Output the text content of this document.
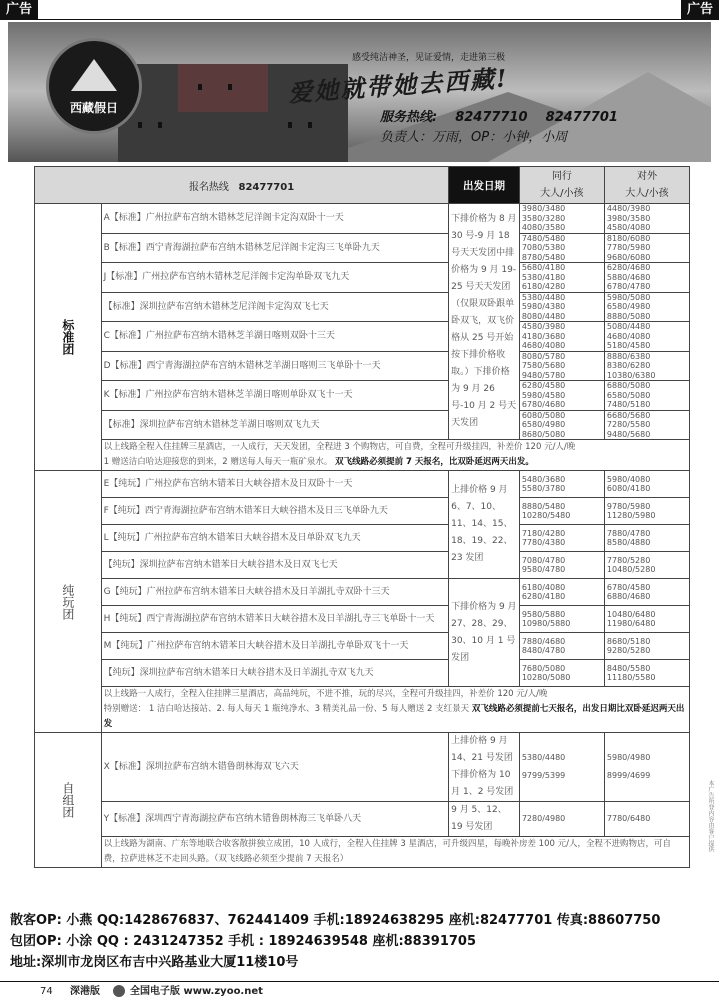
广告	广告
西藏假日
感受纯洁神圣，见证爱情，走进第三极
爱她就带她去西藏!
服务热线: 82477710 82477701
负责人：万雨，OP：小钟，小周
报名热线 82477701		出发日期	同行
大人/小孩	对外
大人/小孩

标准团	A【标准】广州拉萨布宫纳木错林芝尼洋阁卡定沟双卧十一天	下排价格为 8 月 30 号-9 月 18 号天天发团中排价格为 9 月 19-25 号天天发团（仅限双卧跟单卧双飞，双飞价格从 25 号开始按下排价格收取。）下排价格为 9 月 26 号-10 月 2 号天天发团	3980/3480
3580/3280
4080/3580	4480/3980
3980/3580
4580/4080
	B【标准】西宁青海湖拉萨布宫纳木错林芝尼洋阁卡定沟三飞单卧九天		7480/5480
7080/5380
8780/5480	8180/6080
7780/5980
9680/6080
	J【标准】广州拉萨布宫纳木错林芝尼洋阁卡定沟单卧双飞九天		5680/4180
5380/4180
6180/4280	6280/4680
5880/4680
6780/4780
	【标准】深圳拉萨布宫纳木错林芝尼洋阁卡定沟双飞七天		5380/4480
5980/4380
8080/4480	5980/5080
6580/4980
8880/5080
	C【标准】广州拉萨布宫纳木错林芝羊湖日喀则双卧十三天		4580/3980
4180/3680
4680/4080	5080/4480
4680/4080
5180/4580
	D【标准】西宁青海湖拉萨布宫纳木错林芝羊湖日喀则三飞单卧十一天		8080/5780
7580/5680
9480/5780	8880/6380
8380/6280
10380/6380
	K【标准】广州拉萨布宫纳木错林芝羊湖日喀则单卧双飞十一天		6280/4580
5980/4580
6780/4680	6880/5080
6580/5080
7480/5180
	【标准】深圳拉萨布宫纳木错林芝羊湖日喀则双飞九天		6080/5080
6580/4980
8680/5080	6680/5680
7280/5580
9480/5680

	以上线路全程入住挂牌三星酒店，一人成行，天天发团，全程进 3 个购物店，可自费，全程可升级挂四，补差价 120 元/人/晚
1 赠送洁白哈达迎接您的到来，2 赠送每人每天一瓶矿泉水。 双飞线路必须提前 7 天报名，比双卧延迟两天出发。			
纯玩团	E【纯玩】广州拉萨布宫纳木错苯日大峡谷措木及日双卧十一天	上排价格 9 月 6、7、10、11、14、15、18、19、22、23 发团	5480/3680
5580/3780	5980/4080
6080/4180
	F【纯玩】西宁青海湖拉萨布宫纳木错苯日大峡谷措木及日三飞单卧九天		8880/5480
10280/5480	9780/5980
11280/5980
	L【纯玩】广州拉萨布宫纳木错苯日大峡谷措木及日单卧双飞九天		7180/4280
7780/4380	7880/4780
8580/4880
	【纯玩】深圳拉萨布宫纳木错苯日大峡谷措木及日双飞七天		7080/4780
9580/4780	7780/5280
10480/5280
	G【纯玩】广州拉萨布宫纳木错苯日大峡谷措木及日羊湖扎寺双卧十三天	下排价格为 9 月 27、28、29、30、10 月 1 号发团	6180/4080
6280/4180	6780/4580
6880/4680
	H【纯玩】西宁青海湖拉萨布宫纳木错苯日大峡谷措木及日羊湖扎寺三飞单卧十一天		9580/5880
10980/5880	10480/6480
11980/6480
	M【纯玩】广州拉萨布宫纳木错苯日大峡谷措木及日羊湖扎寺单卧双飞十一天		7880/4680
8480/4780	8680/5180
9280/5280
	【纯玩】深圳拉萨布宫纳木错苯日大峡谷措木及日羊湖扎寺双飞九天		7680/5080
10280/5080	8480/5580
11180/5580

	以上线路一人成行，全程入住挂牌三星酒店，高品纯玩，不进不推，玩的尽兴，全程可升级挂四，补差价 120 元/人/晚
特别赠送： 1 洁白哈达接站、2. 每人每天 1 瓶纯净水、3 精美礼品一份、5 每人赠送 2 支红景天 双飞线路必须提前七天报名，出发日期比双卧延迟两天出发			
自组团	X【标准】深圳拉萨布宫纳木错鲁朗林海双飞六天	上排价格 9 月 14、21 号发团
下排价格为 10 月 1、2 号发团	5380/4480
9799/5399	5980/4980
8999/4699
	Y【标准】深圳西宁青海湖拉萨布宫纳木错鲁朗林海三飞单卧八天	9 月 5、12、19 号发团	7280/4980	7780/6480
	以上线路为湖南、广东等地联合收客散拼独立成团，10 人成行，全程入住挂牌 3 星酒店，可升级四星，每晚补房差 100 元/人，全程不进购物店，可自费，拉萨进林芝不走回头路。（双飞线路必须至少提前 7 天报名）			
散客OP: 小燕 QQ:1428676837、762441409 手机:18924638295 座机:82477701 传真:88607750
包团OP: 小涂 QQ : 2431247352 手机 : 18924639548 座机:88391705
地址:深圳市龙岗区布吉中兴路基业大厦11楼10号
本广告所登内容由客户提供
74 深港版	全国电子版 www.zyoo.net
